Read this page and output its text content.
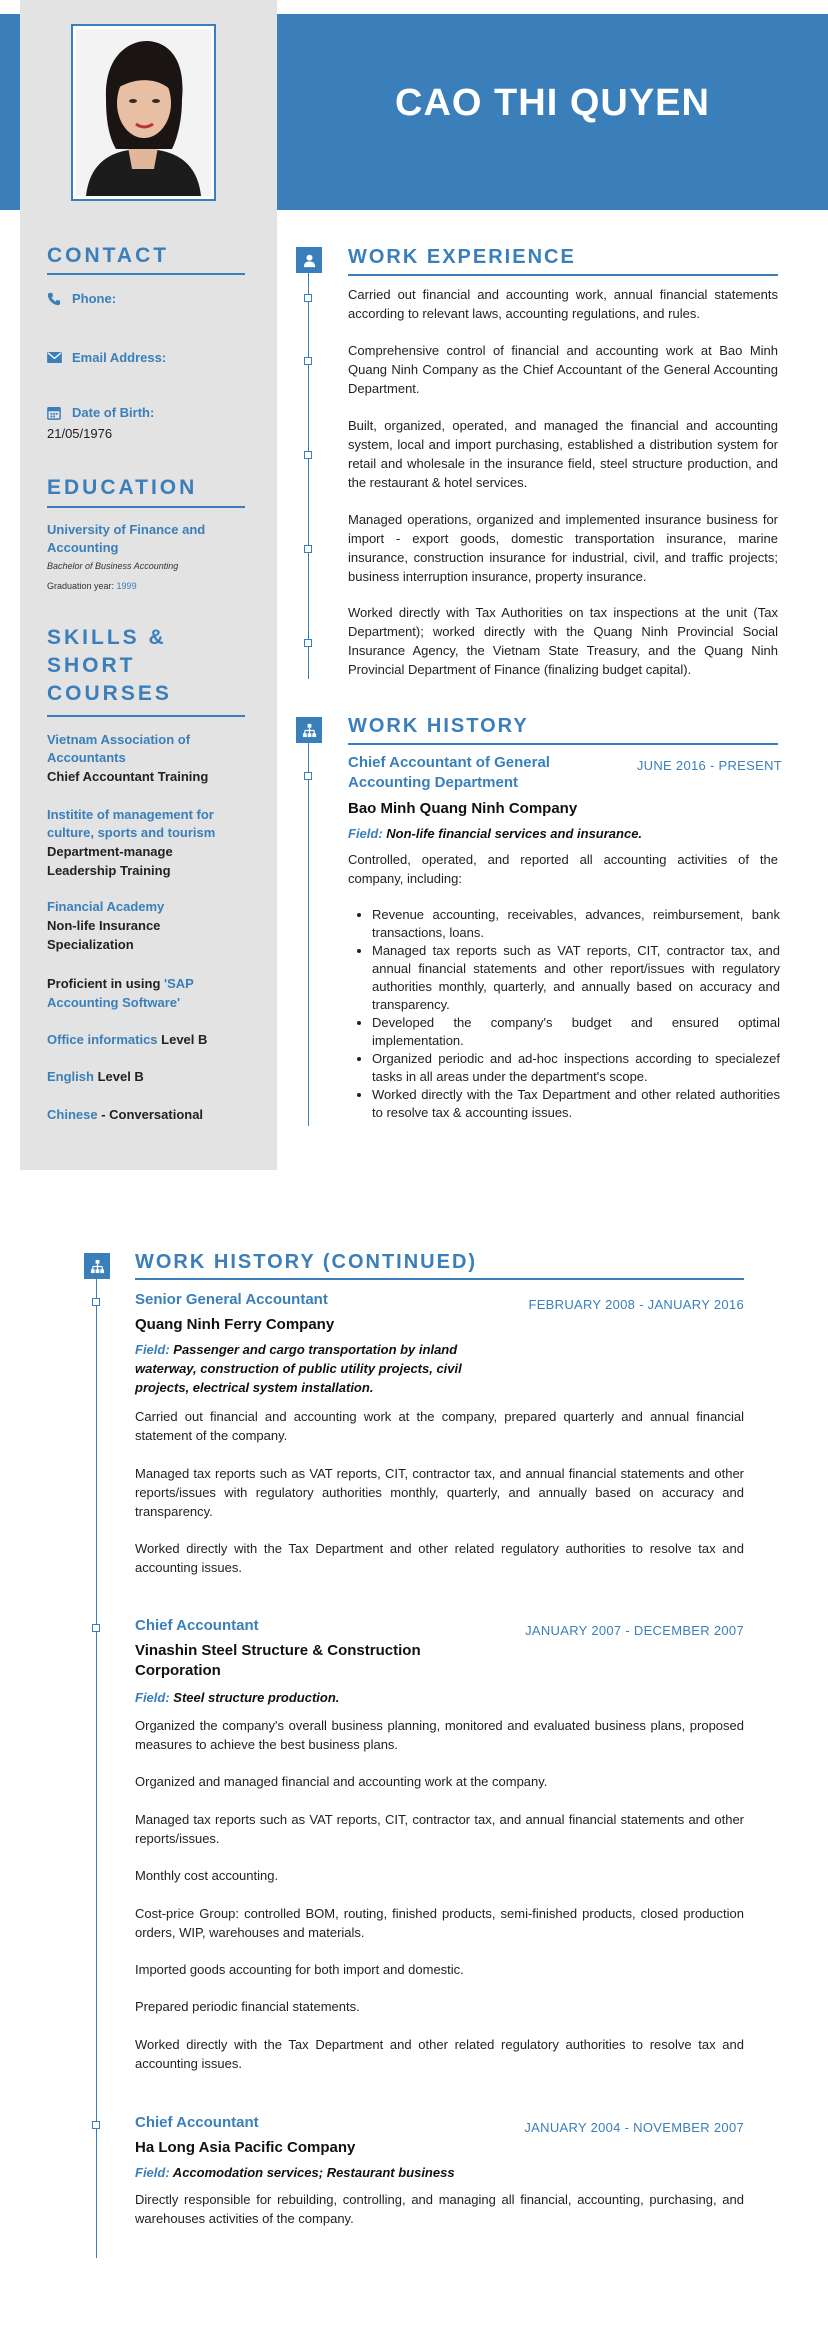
CAO THI QUYEN
CONTACT
Phone:
Email Address:
Date of Birth:
21/05/1976
EDUCATION
University of Finance and Accounting
Bachelor of Business Accounting
Graduation year: 1999
SKILLS &
SHORT
COURSES
Vietnam Association of Accountants
Chief Accountant Training
Institite of management for culture, sports and tourism
Department-manage Leadership Training
Financial Academy
Non-life Insurance Specialization
Proficient in using 'SAP Accounting Software'
Office informatics Level B
English Level B
Chinese - Conversational
WORK EXPERIENCE
Carried out financial and accounting work, annual financial statements according to relevant laws, accounting regulations, and rules.
Comprehensive control of financial and accounting work at Bao Minh Quang Ninh Company as the Chief Accountant of the General Accounting Department.
Built, organized, operated, and managed the financial and accounting system, local and import purchasing, established a distribution system for retail and wholesale in the insurance field, steel structure production, and the restaurant & hotel services.
Managed operations, organized and implemented insurance business for import - export goods, domestic transportation insurance, marine insurance, construction insurance for industrial, civil, and traffic projects; business interruption insurance, property insurance.
Worked directly with Tax Authorities on tax inspections at the unit (Tax Department); worked directly with the Quang Ninh Provincial Social Insurance Agency, the Vietnam State Treasury, and the Quang Ninh Provincial Department of Finance (finalizing budget capital).
WORK HISTORY
Chief Accountant of General Accounting Department
JUNE 2016 - PRESENT
Bao Minh Quang Ninh Company
Field: Non-life financial services and insurance.
Controlled, operated, and reported all accounting activities of the company, including:
• Revenue accounting, receivables, advances, reimbursement, bank transactions, loans.
• Managed tax reports such as VAT reports, CIT, contractor tax, and annual financial statements and other report/issues with regulatory authorities monthly, quarterly, and annually based on accuracy and transparency.
• Developed the company's budget and ensured optimal implementation.
• Organized periodic and ad-hoc inspections according to specialezef tasks in all areas under the department's scope.
• Worked directly with the Tax Department and other related authorities to resolve tax & accounting issues.
WORK HISTORY (CONTINUED)
Senior General Accountant	FEBRUARY 2008 - JANUARY 2016
Quang Ninh Ferry Company
Field: Passenger and cargo transportation by inland waterway, construction of public utility projects, civil projects, electrical system installation.
Carried out financial and accounting work at the company, prepared quarterly and annual financial statement of the company.
Managed tax reports such as VAT reports, CIT, contractor tax, and annual financial statements and other reports/issues with regulatory authorities monthly, quarterly, and annually based on accuracy and transparency.
Worked directly with the Tax Department and other related regulatory authorities to resolve tax and accounting issues.
Chief Accountant	JANUARY 2007 - DECEMBER 2007
Vinashin Steel Structure & Construction Corporation
Field: Steel structure production.
Organized the company's overall business planning, monitored and evaluated business plans, proposed measures to achieve the best business plans.
Organized and managed financial and accounting work at the company.
Managed tax reports such as VAT reports, CIT, contractor tax, and annual financial statements and other reports/issues.
Monthly cost accounting.
Cost-price Group: controlled BOM, routing, finished products, semi-finished products, closed production orders, WIP, warehouses and materials.
Imported goods accounting for both import and domestic.
Prepared periodic financial statements.
Worked directly with the Tax Department and other related regulatory authorities to resolve tax and accounting issues.
Chief Accountant	JANUARY 2004 - NOVEMBER 2007
Ha Long Asia Pacific Company
Field: Accomodation services; Restaurant business
Directly responsible for rebuilding, controlling, and managing all financial, accounting, purchasing, and warehouses activities of the company.
